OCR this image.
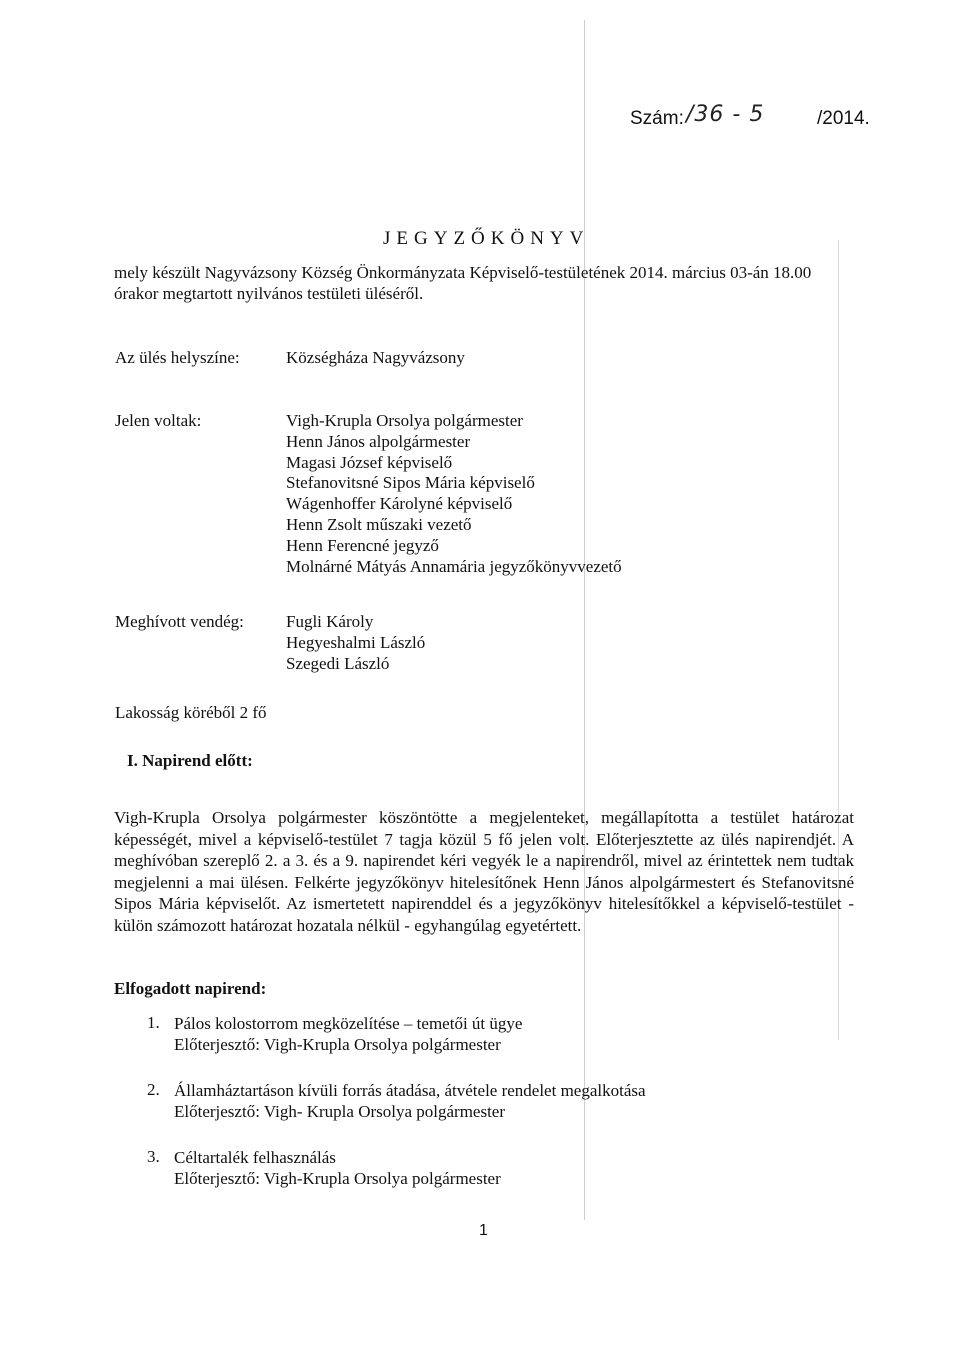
Szám: /36 - 5	/2014.
JEGYZŐKÖNYV
mely készült Nagyvázsony Község Önkormányzata Képviselő-testületének 2014. március 03-án 18.00 órakor megtartott nyilvános testületi üléséről.
Az ülés helyszíne:	Községháza Nagyvázsony
Jelen voltak:	Vigh-Krupla Orsolya polgármester
Henn János alpolgármester
Magasi József képviselő
Stefanovitsné Sipos Mária képviselő
Wágenhoffer Károlyné képviselő
Henn Zsolt műszaki vezető
Henn Ferencné jegyző
Molnárné Mátyás Annamária jegyzőkönyvvezető
Meghívott vendég: Fugli Károly
Hegyeshalmi László
Szegedi László
Lakosság köréből 2 fő
I. Napirend előtt:
Vigh-Krupla Orsolya polgármester köszöntötte a megjelenteket, megállapította a testület határozat képességét, mivel a képviselő-testület 7 tagja közül 5 fő jelen volt. Előterjesztette az ülés napirendjét. A meghívóban szereplő 2. a 3. és a 9. napirendet kéri vegyék le a napirendről, mivel az érintettek nem tudtak megjelenni a mai ülésen. Felkérte jegyzőkönyv hitelesítőnek Henn János alpolgármestert és Stefanovitsné Sipos Mária képviselőt. Az ismertetett napirenddel és a jegyzőkönyv hitelesítőkkel a képviselő-testület - külön számozott határozat hozatala nélkül - egyhangúlag egyetértett.
Elfogadott napirend:
1. Pálos kolostorrom megközelítése – temetői út ügye
Előterjesztő: Vigh-Krupla Orsolya polgármester
2. Államháztartáson kívüli forrás átadása, átvétele rendelet megalkotása
Előterjesztő: Vigh- Krupla Orsolya polgármester
3. Céltartalék felhasználás
Előterjesztő: Vigh-Krupla Orsolya polgármester
1
